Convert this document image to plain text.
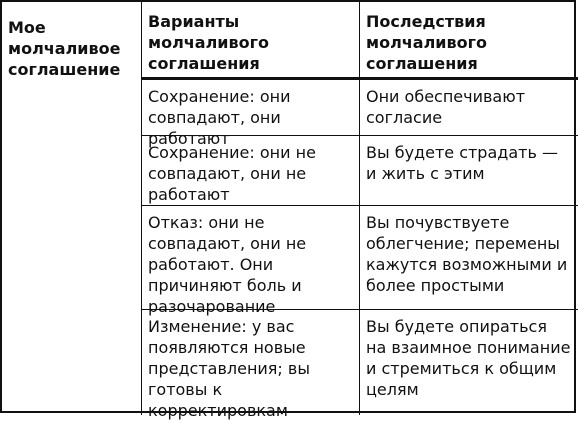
Мое молчаливое соглашение
Варианты молчаливого соглашения
Последствия молчаливого соглашения
Сохранение: они совпадают, они работают
Они обеспечивают согласие
Сохранение: они не совпадают, они не работают
Вы будете страдать — и жить с этим
Отказ: они не совпадают, они не работают. Они причиняют боль и разочарование
Вы почувствуете облегчение; перемены кажутся возможными и более простыми
Изменение: у вас появляются новые представления; вы готовы к корректировкам
Вы будете опираться на взаимное понимание и стремиться к общим целям
